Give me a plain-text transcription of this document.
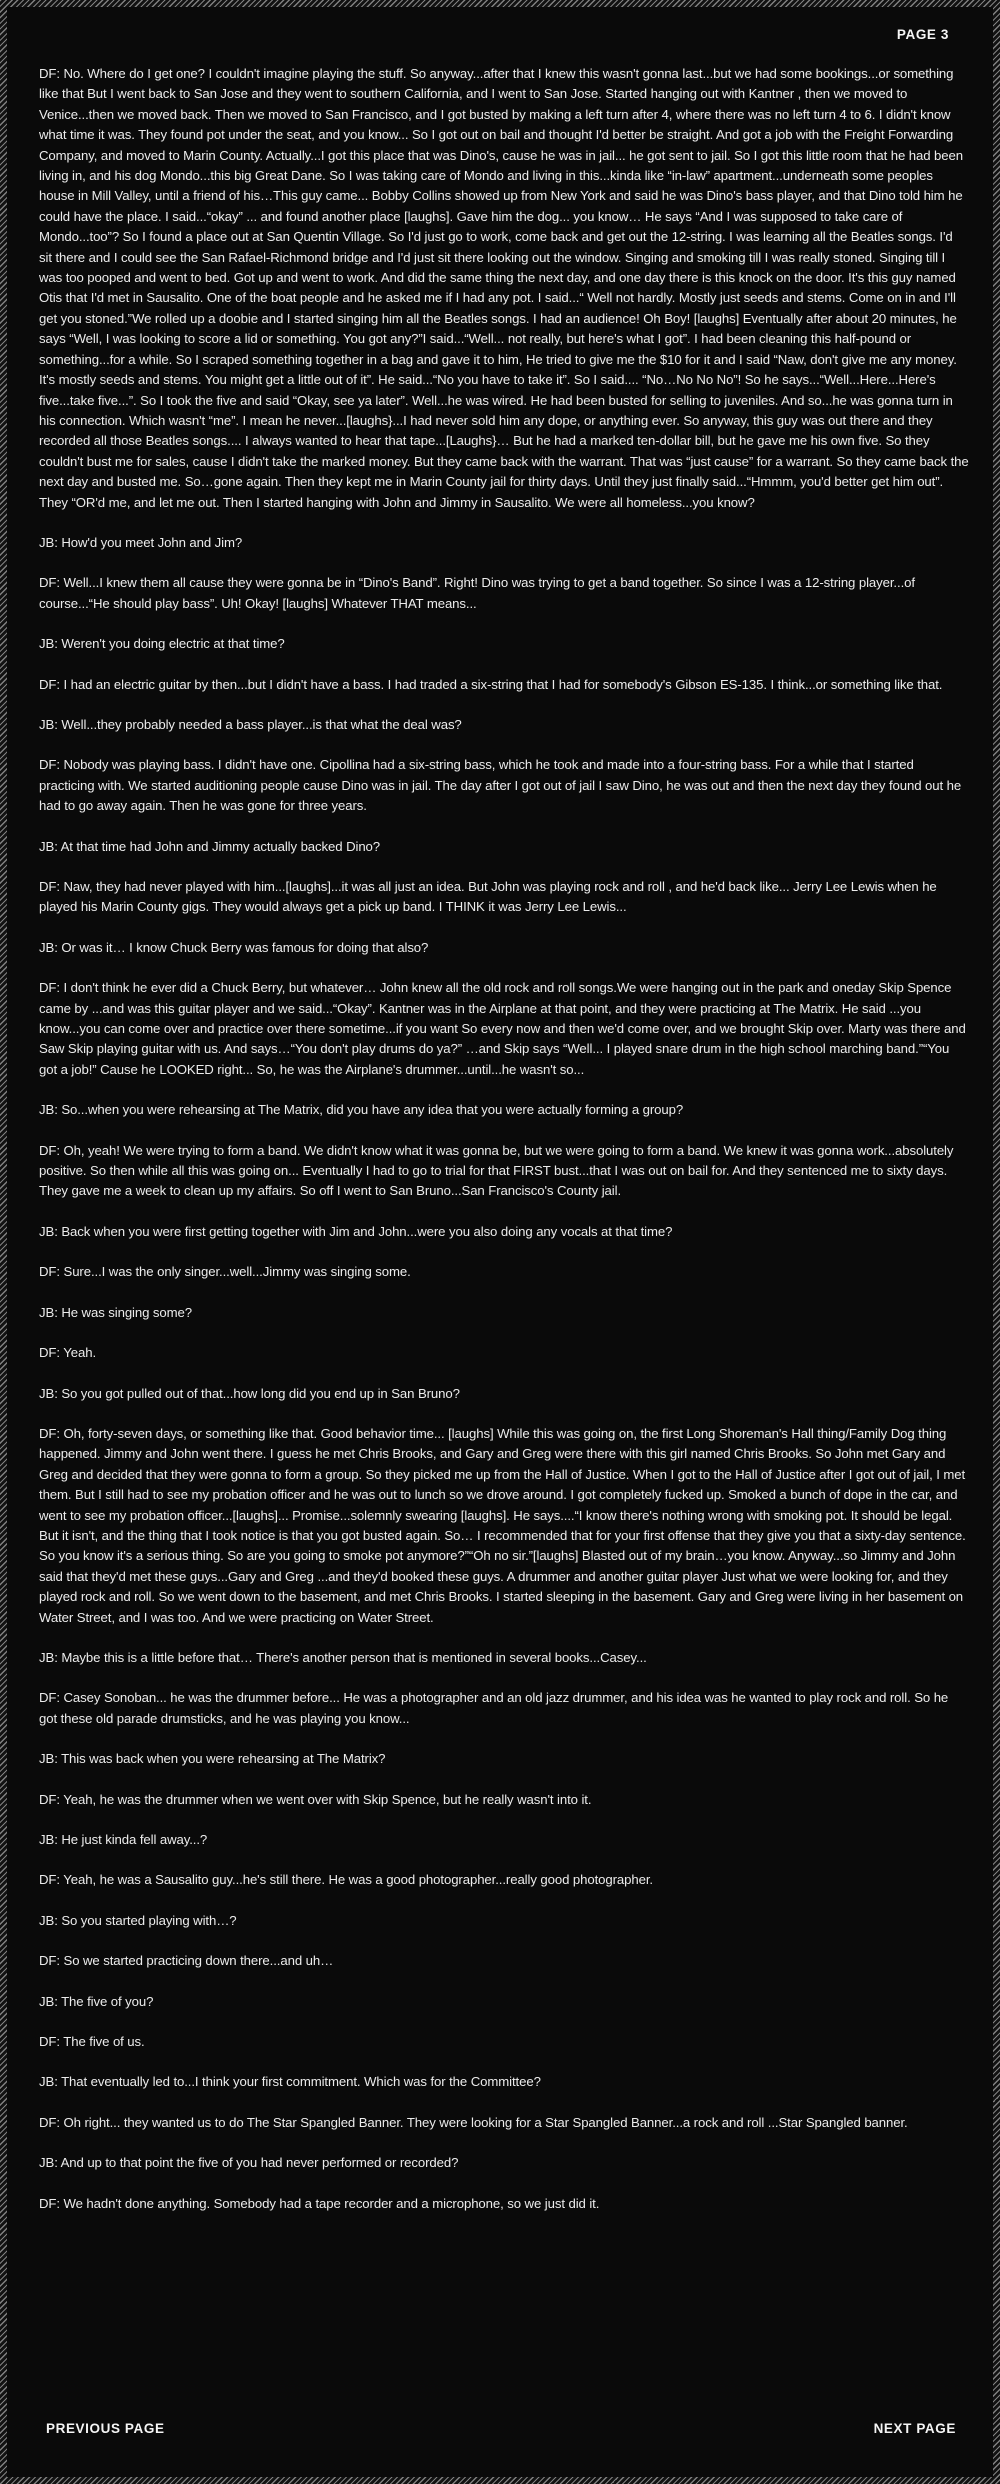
PAGE 3

DF: No. Where do I get one? I couldn't imagine playing the stuff. So anyway...after that I knew this wasn't gonna last...but we had some bookings...or something like that But I went back to San Jose and they went to southern California, and I went to San Jose. Started hanging out with Kantner , then we moved to Venice...then we moved back. Then we moved to San Francisco, and I got busted by making a left turn after 4, where there was no left turn 4 to 6. I didn't know what time it was. They found pot under the seat, and you know... So I got out on bail and thought I'd better be straight. And got a job with the Freight Forwarding Company, and moved to Marin County. Actually...I got this place that was Dino's, cause he was in jail... he got sent to jail. So I got this little room that he had been living in, and his dog Mondo...this big Great Dane. So I was taking care of Mondo and living in this...kinda like “in-law” apartment...underneath some peoples house in Mill Valley, until a friend of his…This guy came... Bobby Collins showed up from New York and said he was Dino's bass player, and that Dino told him he could have the place. I said...“okay” ... and found another place [laughs]. Gave him the dog... you know… He says “And I was supposed to take care of Mondo...too”? So I found a place out at San Quentin Village. So I'd just go to work, come back and get out the 12-string. I was learning all the Beatles songs. I'd sit there and I could see the San Rafael-Richmond bridge and I'd just sit there looking out the window. Singing and smoking till I was really stoned. Singing till I was too pooped and went to bed. Got up and went to work. And did the same thing the next day, and one day there is this knock on the door. It's this guy named Otis that I'd met in Sausalito. One of the boat people and he asked me if I had any pot. I said...“ Well not hardly. Mostly just seeds and stems. Come on in and I'll get you stoned.”We rolled up a doobie and I started singing him all the Beatles songs. I had an audience! Oh Boy! [laughs] Eventually after about 20 minutes, he says “Well, I was looking to score a lid or something. You got any?”I said...“Well... not really, but here's what I got”. I had been cleaning this half-pound or something...for a while. So I scraped something together in a bag and gave it to him, He tried to give me the $10 for it and I said “Naw, don't give me any money. It's mostly seeds and stems. You might get a little out of it”. He said...“No you have to take it”. So I said.... “No…No No No”! So he says...“Well...Here...Here's five...take five...”. So I took the five and said “Okay, see ya later”. Well...he was wired. He had been busted for selling to juveniles. And so...he was gonna turn in his connection. Which wasn't “me”. I mean he never...[laughs}...I had never sold him any dope, or anything ever. So anyway, this guy was out there and they recorded all those Beatles songs.... I always wanted to hear that tape...[Laughs}… But he had a marked ten-dollar bill, but he gave me his own five. So they couldn't bust me for sales, cause I didn't take the marked money. But they came back with the warrant. That was “just cause” for a warrant. So they came back the next day and busted me. So…gone again. Then they kept me in Marin County jail for thirty days. Until they just finally said...“Hmmm, you'd better get him out”. They “OR'd me, and let me out. Then I started hanging with John and Jimmy in Sausalito. We were all homeless...you know?

JB: How'd you meet John and Jim?

DF: Well...I knew them all cause they were gonna be in “Dino's Band”. Right! Dino was trying to get a band together. So since I was a 12-string player...of course...“He should play bass”. Uh! Okay! [laughs] Whatever THAT means...

JB: Weren't you doing electric at that time?

DF: I had an electric guitar by then...but I didn't have a bass. I had traded a six-string that I had for somebody's Gibson ES-135. I think...or something like that.

JB: Well...they probably needed a bass player...is that what the deal was?

DF: Nobody was playing bass. I didn't have one. Cipollina had a six-string bass, which he took and made into a four-string bass. For a while that I started practicing with. We started auditioning people cause Dino was in jail. The day after I got out of jail I saw Dino, he was out and then the next day they found out he had to go away again. Then he was gone for three years.

JB: At that time had John and Jimmy actually backed Dino?

DF: Naw, they had never played with him...[laughs]...it was all just an idea. But John was playing rock and roll , and he'd back like... Jerry Lee Lewis when he played his Marin County gigs. They would always get a pick up band. I THINK it was Jerry Lee Lewis...

JB: Or was it… I know Chuck Berry was famous for doing that also?

DF: I don't think he ever did a Chuck Berry, but whatever… John knew all the old rock and roll songs.We were hanging out in the park and oneday Skip Spence came by ...and was this guitar player and we said...“Okay”. Kantner was in the Airplane at that point, and they were practicing at The Matrix. He said ...you know...you can come over and practice over there sometime...if you want So every now and then we'd come over, and we brought Skip over. Marty was there and Saw Skip playing guitar with us. And says…“You don't play drums do ya?” …and Skip says “Well... I played snare drum in the high school marching band.”“You got a job!” Cause he LOOKED right... So, he was the Airplane's drummer...until...he wasn't so...

JB: So...when you were rehearsing at The Matrix, did you have any idea that you were actually forming a group?

DF: Oh, yeah! We were trying to form a band. We didn't know what it was gonna be, but we were going to form a band. We knew it was gonna work...absolutely positive. So then while all this was going on... Eventually I had to go to trial for that FIRST bust...that I was out on bail for. And they sentenced me to sixty days. They gave me a week to clean up my affairs. So off I went to San Bruno...San Francisco's County jail.

JB: Back when you were first getting together with Jim and John...were you also doing any vocals at that time?

DF: Sure...I was the only singer...well...Jimmy was singing some.

JB: He was singing some?

DF: Yeah.

JB: So you got pulled out of that...how long did you end up in San Bruno?

DF: Oh, forty-seven days, or something like that. Good behavior time... [laughs] While this was going on, the first Long Shoreman's Hall thing/Family Dog thing happened. Jimmy and John went there. I guess he met Chris Brooks, and Gary and Greg were there with this girl named Chris Brooks. So John met Gary and Greg and decided that they were gonna to form a group. So they picked me up from the Hall of Justice. When I got to the Hall of Justice after I got out of jail, I met them. But I still had to see my probation officer and he was out to lunch so we drove around. I got completely fucked up. Smoked a bunch of dope in the car, and went to see my probation officer...[laughs]... Promise...solemnly swearing [laughs]. He says....“I know there's nothing wrong with smoking pot. It should be legal. But it isn't, and the thing that I took notice is that you got busted again. So… I recommended that for your first offense that they give you that a sixty-day sentence. So you know it's a serious thing. So are you going to smoke pot anymore?”“Oh no sir.”[laughs] Blasted out of my brain…you know. Anyway...so Jimmy and John said that they'd met these guys...Gary and Greg ...and they'd booked these guys. A drummer and another guitar player Just what we were looking for, and they played rock and roll. So we went down to the basement, and met Chris Brooks. I started sleeping in the basement. Gary and Greg were living in her basement on Water Street, and I was too. And we were practicing on Water Street.

JB: Maybe this is a little before that… There's another person that is mentioned in several books...Casey...

DF: Casey Sonoban... he was the drummer before... He was a photographer and an old jazz drummer, and his idea was he wanted to play rock and roll. So he got these old parade drumsticks, and he was playing you know...

JB: This was back when you were rehearsing at The Matrix?

DF: Yeah, he was the drummer when we went over with Skip Spence, but he really wasn't into it.

JB: He just kinda fell away...?

DF: Yeah, he was a Sausalito guy...he's still there. He was a good photographer...really good photographer.

JB: So you started playing with…?

DF: So we started practicing down there...and uh…

JB: The five of you?

DF: The five of us.

JB: That eventually led to...I think your first commitment. Which was for the Committee?

DF: Oh right... they wanted us to do The Star Spangled Banner. They were looking for a Star Spangled Banner...a rock and roll ...Star Spangled banner.

JB: And up to that point the five of you had never performed or recorded?

DF: We hadn't done anything. Somebody had a tape recorder and a microphone, so we just did it.

PREVIOUS PAGE	NEXT PAGE
